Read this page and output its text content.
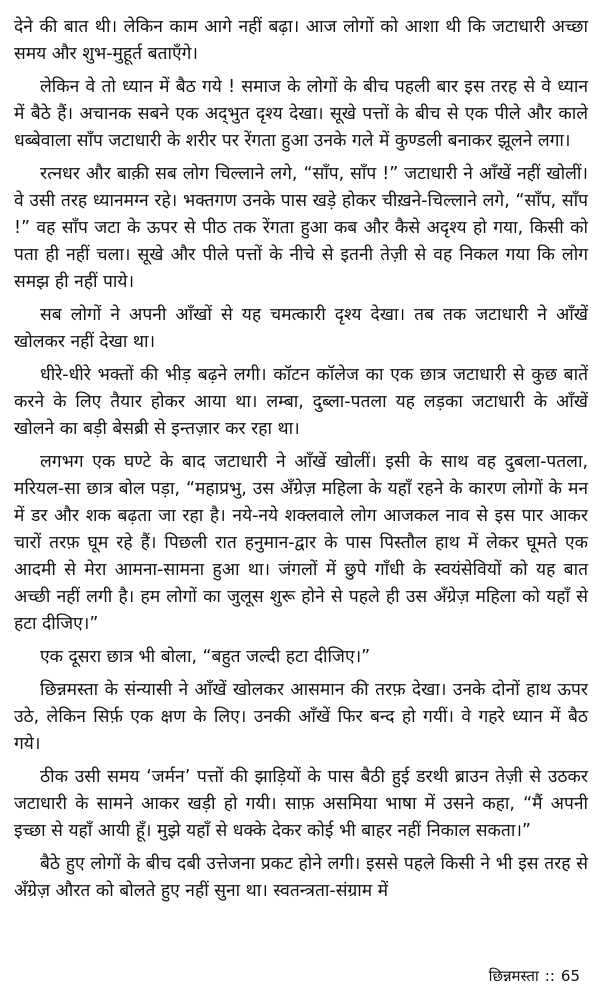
देने की बात थी। लेकिन काम आगे नहीं बढ़ा। आज लोगों को आशा थी कि जटाधारी अच्छा समय और शुभ-मुहूर्त बताएँगे।

लेकिन वे तो ध्यान में बैठ गये ! समाज के लोगों के बीच पहली बार इस तरह से वे ध्यान में बैठे हैं। अचानक सबने एक अद्‌भुत दृश्य देखा। सूखे पत्तों के बीच से एक पीले और काले धब्बेवाला साँप जटाधारी के शरीर पर रेंगता हुआ उनके गले में कुण्डली बनाकर झूलने लगा।

रत्नधर और बाक़ी सब लोग चिल्लाने लगे, “साँप, साँप !” जटाधारी ने आँखें नहीं खोलीं। वे उसी तरह ध्यानमग्न रहे। भक्तगण उनके पास खड़े होकर चीख़ने-चिल्लाने लगे, “साँप, साँप !” वह साँप जटा के ऊपर से पीठ तक रेंगता हुआ कब और कैसे अदृश्य हो गया, किसी को पता ही नहीं चला। सूखे और पीले पत्तों के नीचे से इतनी तेज़ी से वह निकल गया कि लोग समझ ही नहीं पाये।

सब लोगों ने अपनी आँखों से यह चमत्कारी दृश्य देखा। तब तक जटाधारी ने आँखें खोलकर नहीं देखा था।

धीरे-धीरे भक्तों की भीड़ बढ़ने लगी। कॉटन कॉलेज का एक छात्र जटाधारी से कुछ बातें करने के लिए तैयार होकर आया था। लम्बा, दुब्ला-पतला यह लड़का जटाधारी के आँखें खोलने का बड़ी बेसब्री से इन्तज़ार कर रहा था।

लगभग एक घण्टे के बाद जटाधारी ने आँखें खोलीं। इसी के साथ वह दुबला-पतला, मरियल-सा छात्र बोल पड़ा, “महाप्रभु, उस अँग्रेज़ महिला के यहाँ रहने के कारण लोगों के मन में डर और शक बढ़ता जा रहा है। नये-नये शक्लवाले लोग आजकल नाव से इस पार आकर चारों तरफ़ घूम रहे हैं। पिछली रात हनुमान-द्वार के पास पिस्तौल हाथ में लेकर घूमते एक आदमी से मेरा आमना-सामना हुआ था। जंगलों में छुपे गाँधी के स्वयंसेवियों को यह बात अच्छी नहीं लगी है। हम लोगों का जुलूस शुरू होने से पहले ही उस अँग्रेज़ महिला को यहाँ से हटा दीजिए।”

एक दूसरा छात्र भी बोला, “बहुत जल्दी हटा दीजिए।”

छिन्नमस्ता के संन्यासी ने आँखें खोलकर आसमान की तरफ़ देखा। उनके दोनों हाथ ऊपर उठे, लेकिन सिर्फ़ एक क्षण के लिए। उनकी आँखें फिर बन्द हो गयीं। वे गहरे ध्यान में बैठ गये।

ठीक उसी समय ‘जर्मन’ पत्तों की झाड़ियों के पास बैठी हुई डरथी ब्राउन तेज़ी से उठकर जटाधारी के सामने आकर खड़ी हो गयी। साफ़ असमिया भाषा में उसने कहा, “मैं अपनी इच्छा से यहाँ आयी हूँ। मुझे यहाँ से धक्के देकर कोई भी बाहर नहीं निकाल सकता।”

बैठे हुए लोगों के बीच दबी उत्तेजना प्रकट होने लगी। इससे पहले किसी ने भी इस तरह से अँग्रेज़ औरत को बोलते हुए नहीं सुना था। स्वतन्त्रता-संग्राम में

छिन्नमस्ता :: 65
